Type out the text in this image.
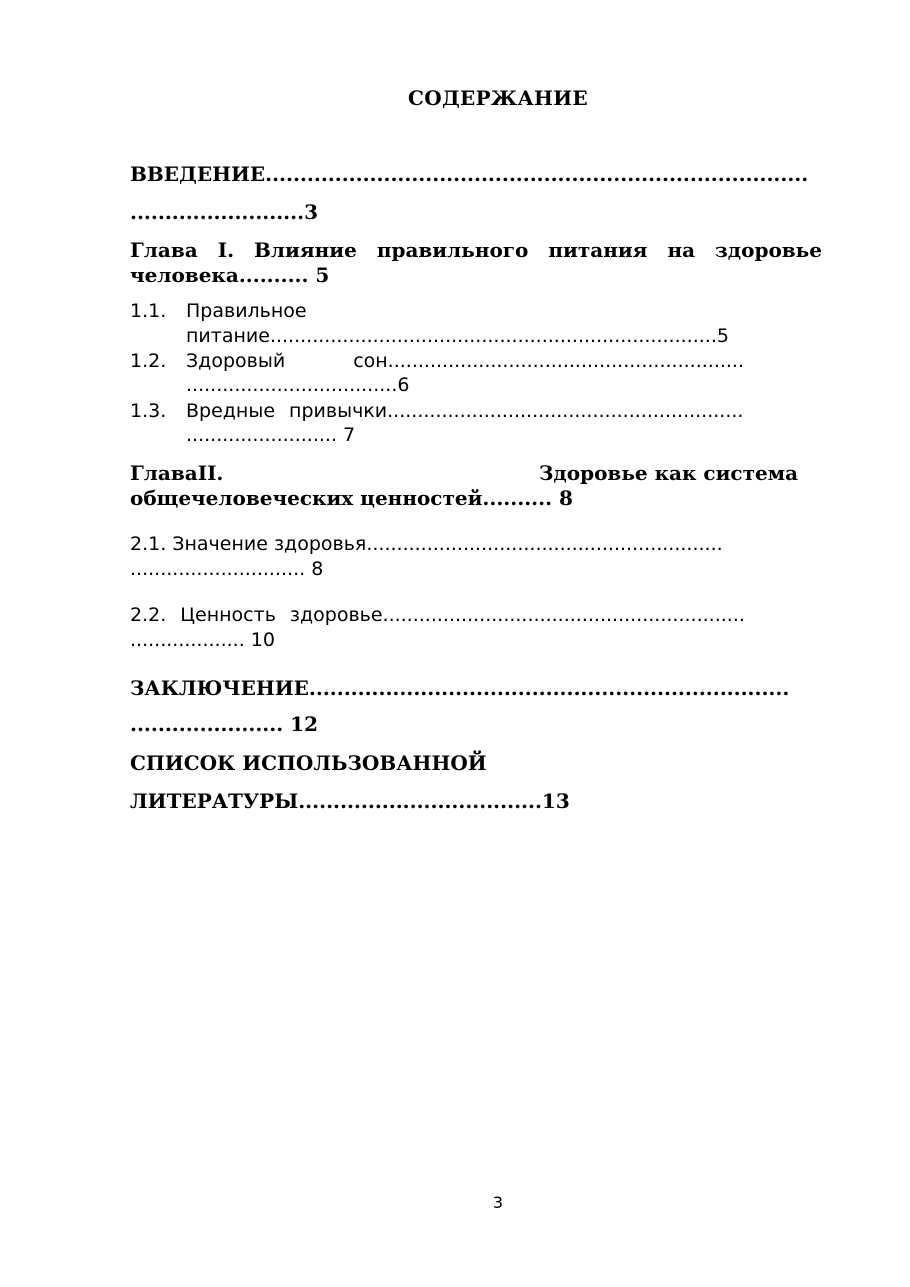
СОДЕРЖАНИЕ
ВВЕДЕНИЕ..............................................................................
.........................3
Глава I. Влияние правильного питания на здоровье
человека.......... 5
1.1. Правильное
питание..........................................................................5
1.2. Здоровый	сон...........................................................
...................................6
1.3. Вредные привычки...........................................................
......................... 7
ГлаваII.	Здоровье как система
общечеловеческих ценностей.......... 8
2.1. Значение здоровья...........................................................
............................. 8
2.2. Ценность здоровье............................................................
................... 10
ЗАКЛЮЧЕНИЕ.....................................................................
...................... 12
СПИСОК ИСПОЛЬЗОВАННОЙ
ЛИТЕРАТУРЫ...................................13
3
